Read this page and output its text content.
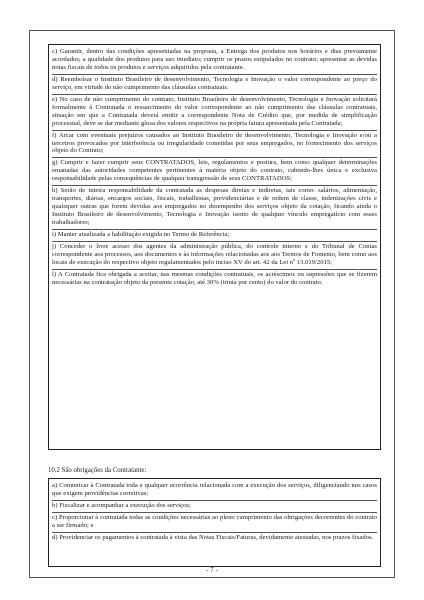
c) Garantir, dentro das condições apresentadas na proposta, a Entrega dos produtos nos horários e dias previamente acordados; a qualidade dos produtos para uso imediato; cumprir os prazos estipulados no contrato; apresentar as devidas notas fiscais de todos os produtos e serviços adquiridos pela contratante.

d) Reembolsar o Instituto Brasileiro de desenvolvimento, Tecnologia e Inovação o valor correspondente ao preço do serviço, em virtude do não cumprimento das cláusulas contratuais.

e) No caso de não cumprimento do contrato, Instituto Brasileiro de desenvolvimento, Tecnologia e Inovação solicitará formalmente à Contratada o ressarcimento do valor correspondente ao não cumprimento das cláusulas contratuais, situação em que a Contratada deverá emitir a correspondente Nota de Crédito que, por medida de simplificação processual, deve se dar mediante glosa dos valores respectivos na própria fatura apresentada pela Contratada;

f) Arcar com eventuais prejuízos causados ao Instituto Brasileiro de desenvolvimento, Tecnologia e Inovação e/ou a terceiros provocados por interferência ou irregularidade cometidas por seus empregados, no fornecimento dos serviços objeto do Contrato;

g) Cumprir e fazer cumprir seus CONTRATADOS, leis, regulamentos e postura, bem como qualquer determinações emanadas das autoridades competentes pertinentes à matéria objeto do contrato, cabendo-lhes única e exclusiva responsabilidade pelas consequências de qualquer transgressão de seus CONTRATADOS;

h) Serão de inteira responsabilidade da contratada as despesas diretas e indiretas, tais como: salários, alimentação, transportes, diárias, encargos sociais, fiscais, trabalhistas, previdenciárias e de ordem de classe, indenizações civis e quaisquer outras que forem devidas aos empregados no desempenho dos serviços objeto da cotação, ficando ainda o Instituto Brasileiro de desenvolvimento, Tecnologia e Inovação isento de qualquer vínculo empregatício com esses trabalhadores;

i) Manter atualizada a habilitação exigida no Termo de Referência;

j) Conceder o livre acesso dos agentes da administração pública, do controle interno e do Tribunal de Contas correspondente aos processos, aos documentos e às informações relacionadas aos aos Termos de Fomento, bem como aos locais de execução do respectivo objeto regulamentados pelo inciso XV do art. 42 da Lei nº 13.019/2015;

l) A Contratada fica obrigada a aceitar, nas mesmas condições contratuais, os acréscimos ou supressões que se fizerem necessárias na contratação objeto da presente cotação, até 30% (trinta por cento) do valor do contrato.

10.2 São obrigações da Contratante:

a) Comunicar à Contratada toda e qualquer ocorrência relacionada com a execução dos serviços, diligenciando nos casos que exigem providências corretivas;

b) Fiscalizar e acompanhar a execução dos serviços;

c) Proporcionar à contratada todas as condições necessárias ao pleno cumprimento das obrigações decorrentes do contrato a ser firmado; e

d) Providenciar os pagamentos à contratada à vista das Notas Fiscais/Faturas, devidamente atestadas, nos prazos fixados.

- 7 -
